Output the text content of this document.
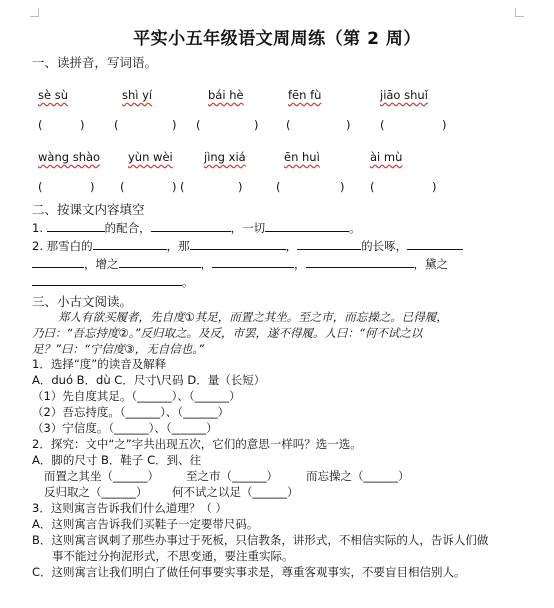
平实小五年级语文周周练（第 2 周）
一、读拼音，写词语。
sè sù	shì yí	bái hè	fēn fù	jiāo shuǐ
(	)	(	) (	) (	)	(	)
wàng shào yùn wèi	jìng xiá	ēn huì	ài mù
(	) (	) (	)	(	) (	)
二、按课文内容填空
1.	的配合，	，一切	。
2. 那雪白的	，那	，	的长啄，
，增之	，	，	，黛之
。
三、小古文阅读。
郑人有欲买履者，先自度①其足，而置之其坐。至之市，而忘操之。已得履，
乃曰：“吾忘持度②。”反归取之。及反，市罢，遂不得履。人曰：“何不试之以
足？”曰：“宁信度③，无自信也。”
1．选择“度”的读音及解释
A．duó B．dù C．尺寸\尺码 D．量（长短）
（1）先自度其足。（______）、（______）
（2）吾忘持度。（______）、（______）
（3）宁信度。（______）、（______）
2．探究：文中“之”字共出现五次，它们的意思一样吗？选一选。
A．脚的尺寸 B．鞋子 C．到、往
而置之其坐（______） 至之市（______） 而忘操之（______）
反归取之（______） 何不试之以足（______）
3．这则寓言告诉我们什么道理？（ ）
A．这则寓言告诉我们买鞋子一定要带尺码。
B．这则寓言讽刺了那些办事过于死板，只信教条，讲形式，不相信实际的人，告诉人们做
事不能过分拘泥形式，不思变通，要注重实际。
C．这则寓言让我们明白了做任何事要实事求是，尊重客观事实，不要盲目相信别人。
